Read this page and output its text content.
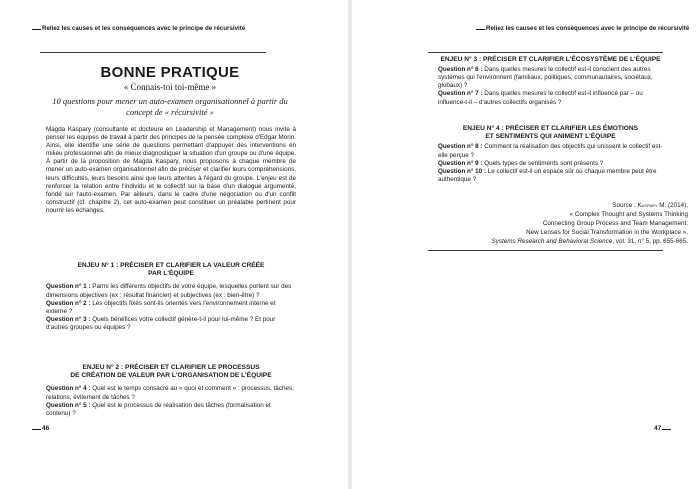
Reliez les causes et les conséquences avec le principe de récursivité
BONNE PRATIQUE
« Connais-toi toi-même »
10 questions pour mener un auto-examen organisationnel à partir du concept de « récursivité »

Magda Kaspary (consultante et docteure en Leadership et Management) nous invite à penser les équipes de travail à partir des principes de la pensée complexe d'Edgar Morin. Ainsi, elle identifie une série de questions permettant d'appuyer des interventions en milieu professionnel afin de mieux diagnostiquer la situation d'un groupe ou d'une équipe. À partir de la proposition de Magda Kaspary, nous proposons à chaque membre de mener un auto-examen organisationnel afin de préciser et clarifier leurs compréhensions, leurs difficultés, leurs besoins ainsi que leurs attentes à l'égard du groupe. L'enjeu est de renforcer la relation entre l'individu et le collectif sur la base d'un dialogue argumenté, fondé sur l'auto-examen. Par ailleurs, dans le cadre d'une négociation ou d'un conflit constructif (cf. chapitre 2), cet auto-examen peut constituer un préalable pertinent pour nourrir les échanges.

ENJEU N° 1 : PRÉCISER ET CLARIFIER LA VALEUR CRÉÉE
PAR L'ÉQUIPE

Question n° 1 : Parmi les différents objectifs de votre équipe, lesquelles portent sur des dimensions objectives (ex : résultat financier) et subjectives (ex : bien-être) ?

Question n° 2 : Les objectifs fixés sont-ils orientés vers l'environnement interne et externe ?

Question n° 3 : Quels bénéfices votre collectif génère-t-il pour lui-même ? Et pour d'autres groupes ou équipes ?

ENJEU N° 2 : PRÉCISER ET CLARIFIER LE PROCESSUS
DE CRÉATION DE VALEUR PAR L'ORGANISATION DE L'ÉQUIPE

Question n° 4 : Quel est le temps consacré au « quoi et comment » : processus, tâches, relations, évitement de tâches ?

Question n° 5 : Quel est le processus de réalisation des tâches (formalisation et contenu) ?

46
Reliez les causes et les conséquences avec le principe de récursivité

ENJEU N° 3 : PRÉCISER ET CLARIFIER L'ÉCOSYSTÈME DE L'ÉQUIPE

Question n° 6 : Dans quelles mesures le collectif est-il conscient des autres systèmes qui l'environnent (familiaux, politiques, communautaires, sociétaux, globaux) ?

Question n° 7 : Dans quelles mesures le collectif est-il influencé par – ou influence-t-il – d'autres collectifs organisés ?

ENJEU N° 4 : PRÉCISER ET CLARIFIER LES ÉMOTIONS
ET SENTIMENTS QUI ANIMENT L'ÉQUIPE

Question n° 8 : Comment la réalisation des objectifs qui unissent le collectif est-elle perçue ?

Question n° 9 : Quels types de sentiments sont présents ?

Question n° 10 : Le collectif est-il un espace sûr où chaque membre peut être authentique ?

Source : Kaspary M. (2014),
« Complex Thought and Systems Thinking
Connecting Group Process and Team Management:
New Lenses for Social Transformation in the Workplace »,
Systems Research and Behavioral Science, vol. 31, n° 5, pp. 655-665.
47
